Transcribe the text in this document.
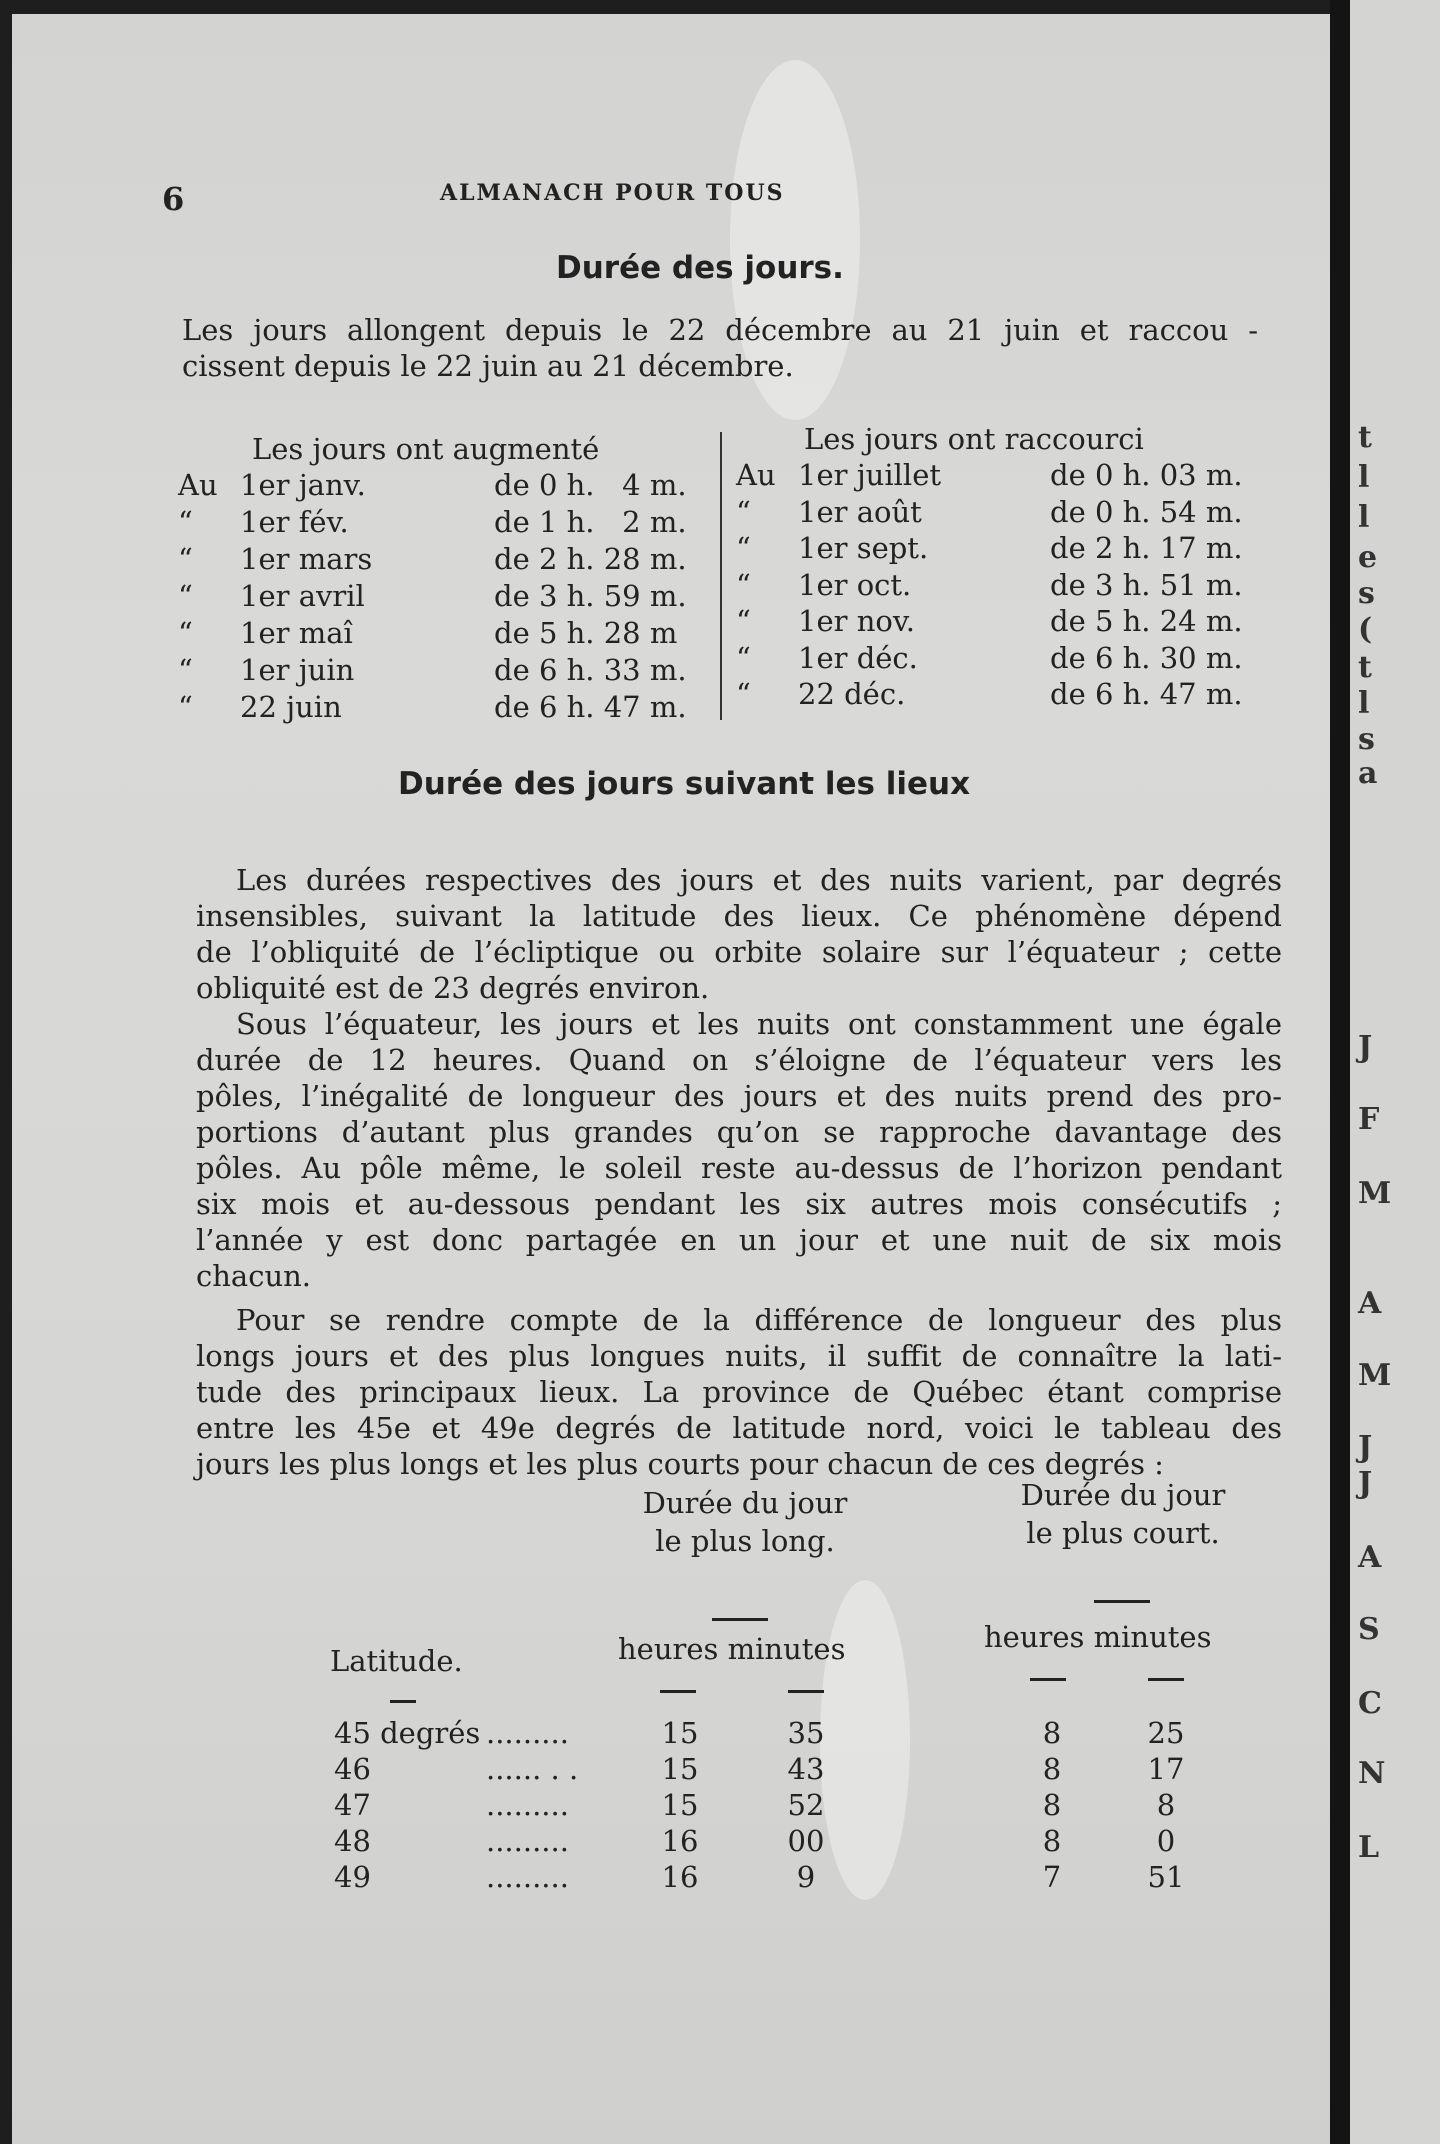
t
l
l
e
s
(
t
l
s
a
J
F
M
A
M
J
J
A
S
C
N
L
6	ALMANACH POUR TOUS
Durée des jours.
Les jours allongent depuis le 22 décembre au 21 juin et raccou -
cissent depuis le 22 juin au 21 décembre.
Les jours ont augmenté	Les jours ont raccourci
Au 1er janv.	de 0 h.   4 m.
“ 1er fév.	de 1 h.   2 m.
“ 1er mars	de 2 h. 28 m.
“ 1er avril	de 3 h. 59 m.
“ 1er maî	de 5 h. 28 m
“ 1er juin	de 6 h. 33 m.
“ 22 juin	de 6 h. 47 m.
Au 1er juillet	de 0 h. 03 m.
“ 1er août	de 0 h. 54 m.
“ 1er sept.	de 2 h. 17 m.
“ 1er oct.	de 3 h. 51 m.
“ 1er nov.	de 5 h. 24 m.
“ 1er déc.	de 6 h. 30 m.
“ 22 déc.	de 6 h. 47 m.
Durée des jours suivant les lieux
Les durées respectives des jours et des nuits varient, par degrés
insensibles, suivant la latitude des lieux. Ce phénomène dépend
de l’obliquité de l’écliptique ou orbite solaire sur l’équateur ; cette
obliquité est de 23 degrés environ.
Sous l’équateur, les jours et les nuits ont constamment une égale
durée de 12 heures. Quand on s’éloigne de l’équateur vers les
pôles, l’inégalité de longueur des jours et des nuits prend des pro-
portions d’autant plus grandes qu’on se rapproche davantage des
pôles. Au pôle même, le soleil reste au-dessus de l’horizon pendant
six mois et au-dessous pendant les six autres mois consécutifs ;
l’année y est donc partagée en un jour et une nuit de six mois
chacun.
Pour se rendre compte de la différence de longueur des plus
longs jours et des plus longues nuits, il suffit de connaître la lati-
tude des principaux lieux. La province de Québec étant comprise
entre les 45e et 49e degrés de latitude nord, voici le tableau des
jours les plus longs et les plus courts pour chacun de ces degrés :
Durée du jour
le plus long.
Durée du jour
le plus court.
Latitude.	heures minutes	heures minutes
45 degrés .........	15	35	8	25
46	...... . .	15	43	8	17
47	.........	15	52	8	8
48	.........	16	00	8	0
49	.........	16	9	7	51
